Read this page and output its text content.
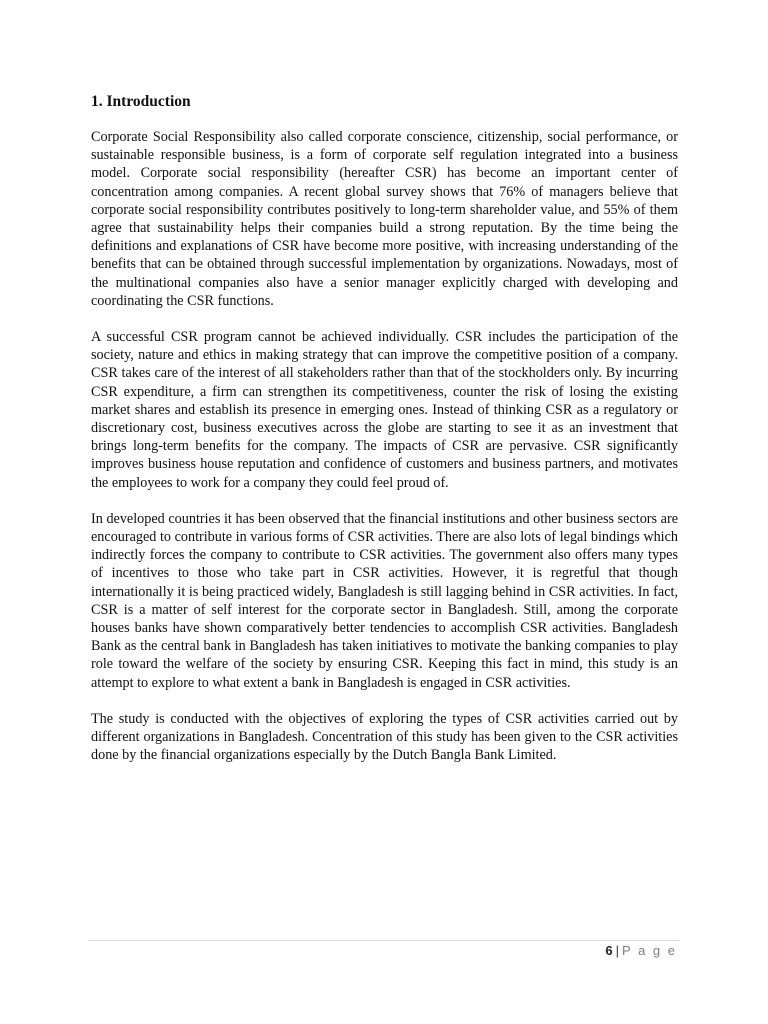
1. Introduction

Corporate Social Responsibility also called corporate conscience, citizenship, social performance, or sustainable responsible business, is a form of corporate self regulation integrated into a business model. Corporate social responsibility (hereafter CSR) has become an important center of concentration among companies. A recent global survey shows that 76% of managers believe that corporate social responsibility contributes positively to long-term shareholder value, and 55% of them agree that sustainability helps their companies build a strong reputation. By the time being the definitions and explanations of CSR have become more positive, with increasing understanding of the benefits that can be obtained through successful implementation by organizations. Nowadays, most of the multinational companies also have a senior manager explicitly charged with developing and coordinating the CSR functions.

A successful CSR program cannot be achieved individually. CSR includes the participation of the society, nature and ethics in making strategy that can improve the competitive position of a company. CSR takes care of the interest of all stakeholders rather than that of the stockholders only. By incurring CSR expenditure, a firm can strengthen its competitiveness, counter the risk of losing the existing market shares and establish its presence in emerging ones. Instead of thinking CSR as a regulatory or discretionary cost, business executives across the globe are starting to see it as an investment that brings long-term benefits for the company. The impacts of CSR are pervasive. CSR significantly improves business house reputation and confidence of customers and business partners, and motivates the employees to work for a company they could feel proud of.

In developed countries it has been observed that the financial institutions and other business sectors are encouraged to contribute in various forms of CSR activities. There are also lots of legal bindings which indirectly forces the company to contribute to CSR activities. The government also offers many types of incentives to those who take part in CSR activities. However, it is regretful that though internationally it is being practiced widely, Bangladesh is still lagging behind in CSR activities. In fact, CSR is a matter of self interest for the corporate sector in Bangladesh. Still, among the corporate houses banks have shown comparatively better tendencies to accomplish CSR activities. Bangladesh Bank as the central bank in Bangladesh has taken initiatives to motivate the banking companies to play role toward the welfare of the society by ensuring CSR. Keeping this fact in mind, this study is an attempt to explore to what extent a bank in Bangladesh is engaged in CSR activities.

The study is conducted with the objectives of exploring the types of CSR activities carried out by different organizations in Bangladesh. Concentration of this study has been given to the CSR activities done by the financial organizations especially by the Dutch Bangla Bank Limited.

6 | P a g e
